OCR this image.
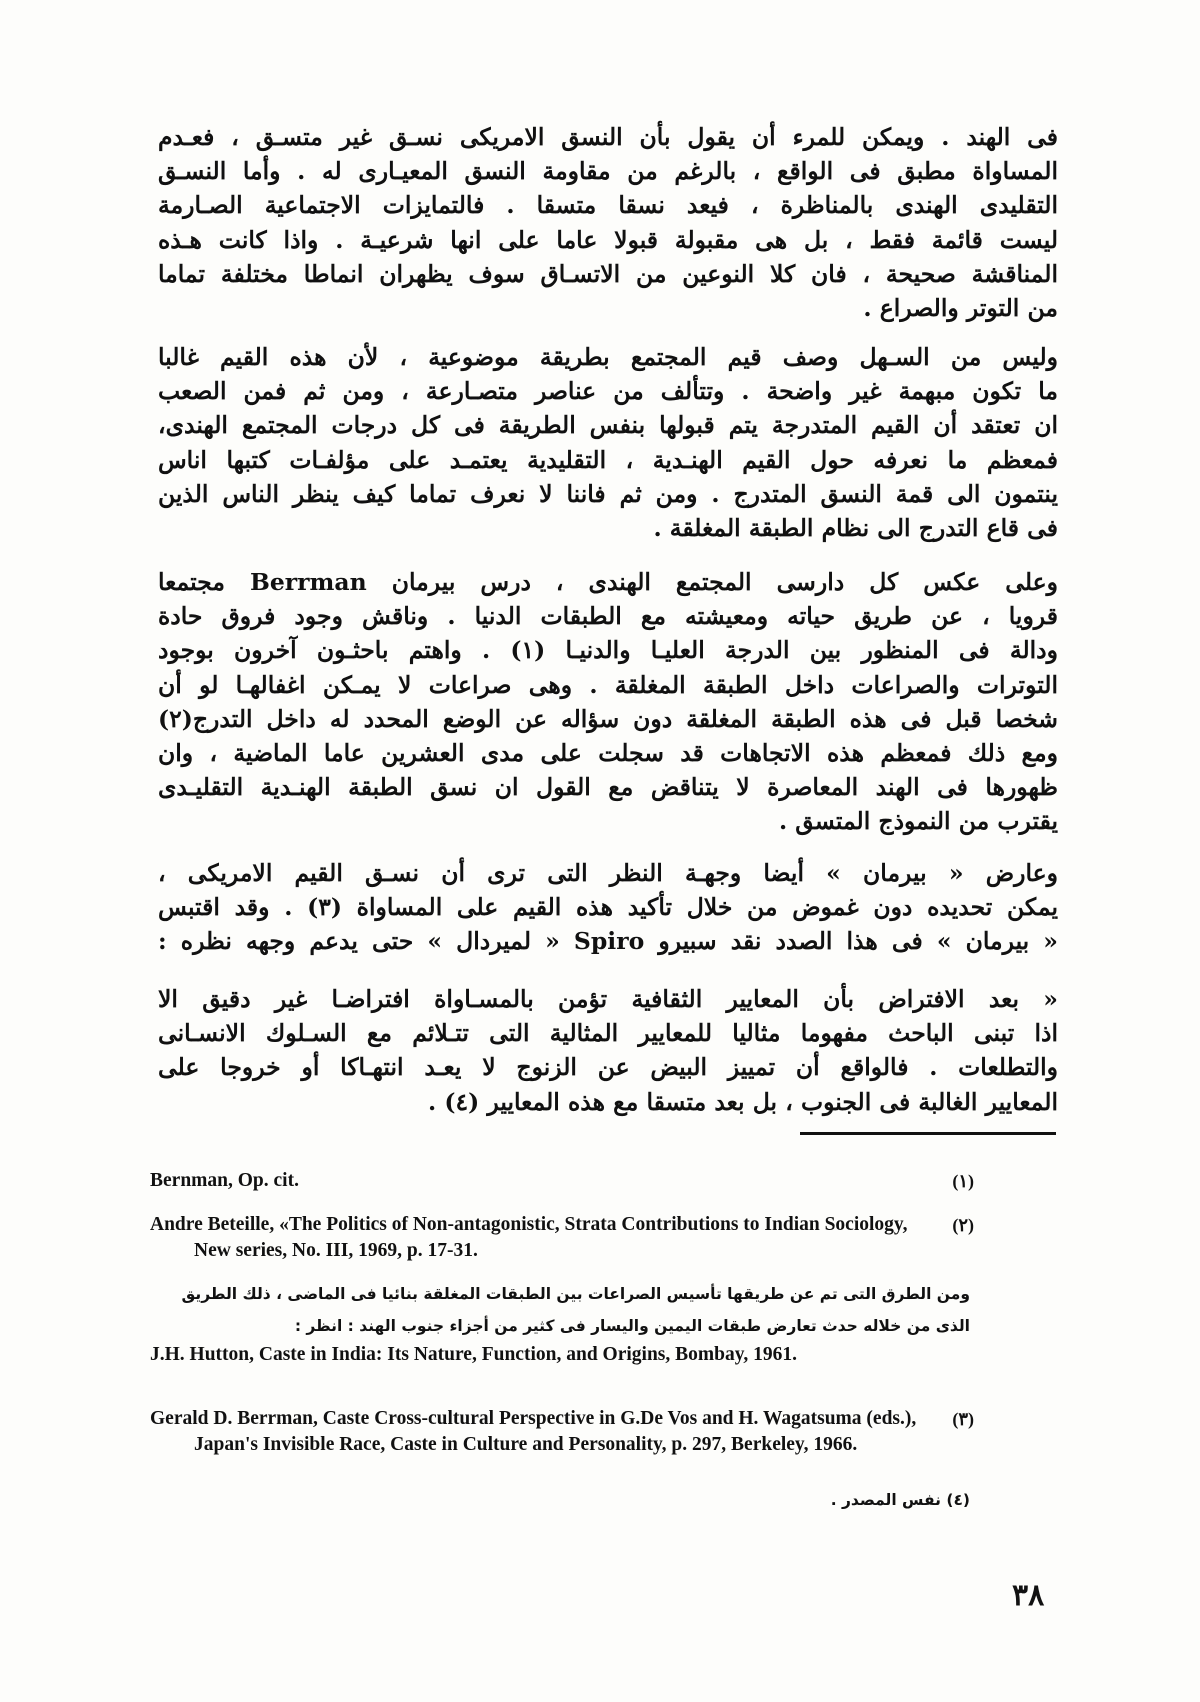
فى الهند . ويمكن للمرء أن يقول بأن النسق الامريكى نسـق غير متسـق ، فعـدم
المساواة مطبق فى الواقع ، بالرغم من مقاومة النسق المعيـارى له . وأما النسـق
التقليدى الهندى بالمناظرة ، فيعد نسقا متسقا . فالتمايزات الاجتماعية الصـارمة
ليست قائمة فقط ، بل هى مقبولة قبولا عاما على انها شرعيـة . واذا كانت هـذه
المناقشة صحيحة ، فان كلا النوعين من الاتسـاق سوف يظهران انماطا مختلفة تماما
من التوتر والصراع .
وليس من السـهل وصف قيم المجتمع بطريقة موضوعية ، لأن هذه القيم غالبا
ما تكون مبهمة غير واضحة . وتتألف من عناصر متصـارعة ، ومن ثم فمن الصعب
ان تعتقد أن القيم المتدرجة يتم قبولها بنفس الطريقة فى كل درجات المجتمع الهندى،
فمعظم ما نعرفه حول القيم الهنـدية ، التقليدية يعتمـد على مؤلفـات كتبها اناس
ينتمون الى قمة النسق المتدرج . ومن ثم فاننا لا نعرف تماما كيف ينظر الناس الذين
فى قاع التدرج الى نظام الطبقة المغلقة .
وعلى عكس كل دارسى المجتمع الهندى ، درس بيرمان Berrman مجتمعا
قرويا ، عن طريق حياته ومعيشته مع الطبقات الدنيا . وناقش وجود فروق حادة
ودالة فى المنظور بين الدرجة العليـا والدنيـا (١) . واهتم باحثـون آخرون بوجود
التوترات والصراعات داخل الطبقة المغلقة . وهى صراعات لا يمـكن اغفالهـا لو أن
شخصا قبل فى هذه الطبقة المغلقة دون سؤاله عن الوضع المحدد له داخل التدرج(٢)
ومع ذلك فمعظم هذه الاتجاهات قد سجلت على مدى العشرين عاما الماضية ، وان
ظهورها فى الهند المعاصرة لا يتناقض مع القول ان نسق الطبقة الهنـدية التقليـدى
يقترب من النموذج المتسق .
وعارض « بيرمان » أيضا وجهـة النظر التى ترى أن نسـق القيم الامريكى ،
يمكن تحديده دون غموض من خلال تأكيد هذه القيم على المساواة (٣) . وقد اقتبس
« بيرمان » فى هذا الصدد نقد سبيرو Spiro « لميردال » حتى يدعم وجهه نظره :
« بعد الافتراض بأن المعايير الثقافية تؤمن بالمسـاواة افتراضـا غير دقيق الا
اذا تبنى الباحث مفهوما مثاليا للمعايير المثالية التى تتـلائم مع السـلوك الانسـانى
والتطلعات . فالواقع أن تمييز البيض عن الزنوج لا يعـد انتهـاكا أو خروجا على
المعايير الغالبة فى الجنوب ، بل بعد متسقا مع هذه المعايير (٤) .
(١)
Bernman, Op. cit.
(٢)
Andre Beteille, «The Politics of Non-antagonistic, Strata Contributions to Indian Sociology, New series, No. III, 1969, p. 17-31.
ومن الطرق التى تم عن طريقها تأسيس الصراعات بين الطبقات المغلقة بنائيا فى الماضى ، ذلك الطريق الذى من خلاله حدث تعارض طبقات اليمين واليسار فى كثير من أجزاء جنوب الهند : انظر :
J.H. Hutton, Caste in India: Its Nature, Function, and Origins, Bombay, 1961.
(٣)
Gerald D. Berrman, Caste Cross-cultural Perspective in G.De Vos and H. Wagatsuma (eds.), Japan's Invisible Race, Caste in Culture and Personality, p. 297, Berkeley, 1966.
(٤) نفس المصدر .
٣٨
